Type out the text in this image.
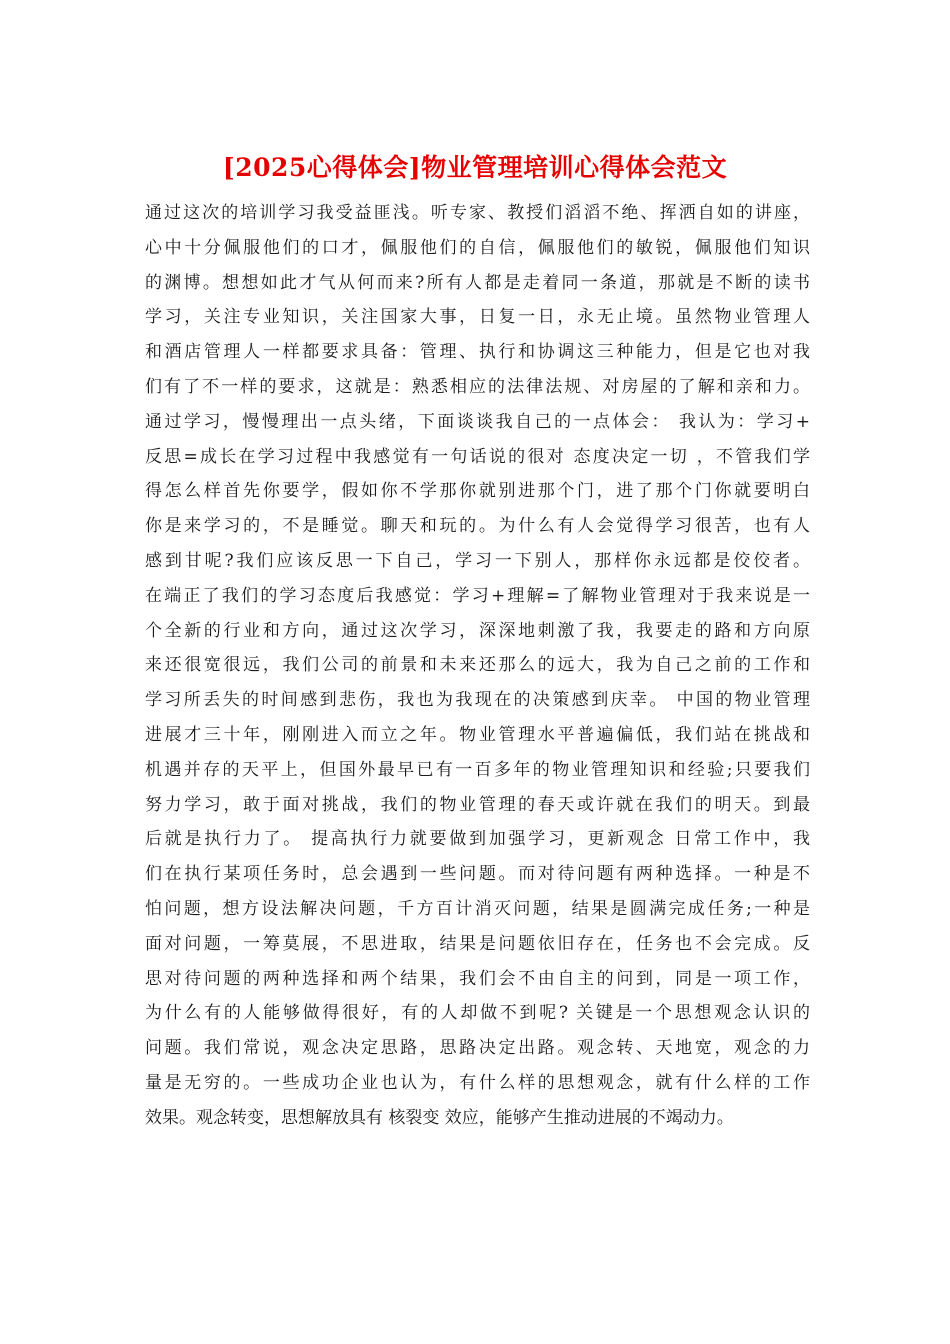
[2025心得体会]物业管理培训心得体会范文
通过这次的培训学习我受益匪浅。听专家、教授们滔滔不绝、挥洒自如的讲座，
心中十分佩服他们的口才，佩服他们的自信，佩服他们的敏锐，佩服他们知识
的渊博。想想如此才气从何而来?所有人都是走着同一条道，那就是不断的读书
学习，关注专业知识，关注国家大事，日复一日，永无止境。虽然物业管理人
和酒店管理人一样都要求具备：管理、执行和协调这三种能力，但是它也对我
们有了不一样的要求，这就是：熟悉相应的法律法规、对房屋的了解和亲和力。
通过学习，慢慢理出一点头绪，下面谈谈我自己的一点体会： 我认为：学习+
反思=成长在学习过程中我感觉有一句话说的很对 态度决定一切 ，不管我们学
得怎么样首先你要学，假如你不学那你就别进那个门，进了那个门你就要明白
你是来学习的，不是睡觉。聊天和玩的。为什么有人会觉得学习很苦，也有人
感到甘呢?我们应该反思一下自己，学习一下别人，那样你永远都是佼佼者。
在端正了我们的学习态度后我感觉：学习+理解=了解物业管理对于我来说是一
个全新的行业和方向，通过这次学习，深深地刺激了我，我要走的路和方向原
来还很宽很远，我们公司的前景和未来还那么的远大，我为自己之前的工作和
学习所丢失的时间感到悲伤，我也为我现在的决策感到庆幸。 中国的物业管理
进展才三十年，刚刚进入而立之年。物业管理水平普遍偏低，我们站在挑战和
机遇并存的天平上，但国外最早已有一百多年的物业管理知识和经验;只要我们
努力学习，敢于面对挑战，我们的物业管理的春天或许就在我们的明天。到最
后就是执行力了。 提高执行力就要做到加强学习，更新观念 日常工作中，我
们在执行某项任务时，总会遇到一些问题。而对待问题有两种选择。一种是不
怕问题，想方设法解决问题，千方百计消灭问题，结果是圆满完成任务;一种是
面对问题，一筹莫展，不思进取，结果是问题依旧存在，任务也不会完成。反
思对待问题的两种选择和两个结果，我们会不由自主的问到，同是一项工作，
为什么有的人能够做得很好，有的人却做不到呢? 关键是一个思想观念认识的
问题。我们常说，观念决定思路，思路决定出路。观念转、天地宽，观念的力
量是无穷的。一些成功企业也认为，有什么样的思想观念，就有什么样的工作
效果。观念转变，思想解放具有 核裂变 效应，能够产生推动进展的不竭动力。
